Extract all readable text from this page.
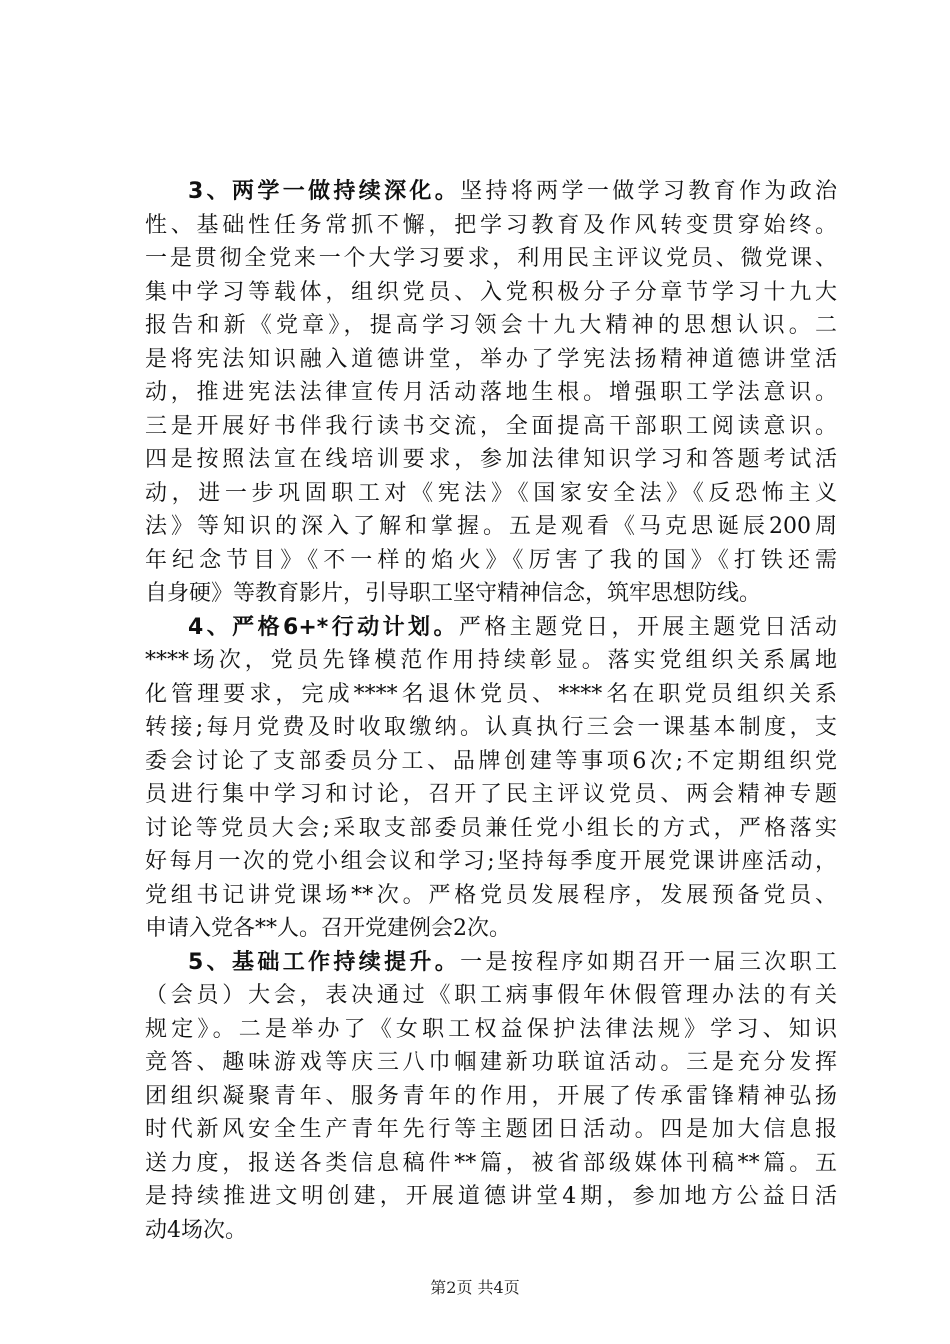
3、两学一做持续深化。坚持将两学一做学习教育作为政治
性、基础性任务常抓不懈，把学习教育及作风转变贯穿始终。
一是贯彻全党来一个大学习要求，利用民主评议党员、微党课、
集中学习等载体，组织党员、入党积极分子分章节学习十九大
报告和新《党章》，提高学习领会十九大精神的思想认识。二
是将宪法知识融入道德讲堂，举办了学宪法扬精神道德讲堂活
动，推进宪法法律宣传月活动落地生根。增强职工学法意识。
三是开展好书伴我行读书交流，全面提高干部职工阅读意识。
四是按照法宣在线培训要求，参加法律知识学习和答题考试活
动，进一步巩固职工对《宪法》《国家安全法》《反恐怖主义
法》等知识的深入了解和掌握。五是观看《马克思诞辰200周
年纪念节目》《不一样的焰火》《厉害了我的国》《打铁还需
自身硬》等教育影片，引导职工坚守精神信念，筑牢思想防线。
4、严格6+*行动计划。严格主题党日，开展主题党日活动
****场次，党员先锋模范作用持续彰显。落实党组织关系属地
化管理要求，完成****名退休党员、****名在职党员组织关系
转接;每月党费及时收取缴纳。认真执行三会一课基本制度，支
委会讨论了支部委员分工、品牌创建等事项6次;不定期组织党
员进行集中学习和讨论，召开了民主评议党员、两会精神专题
讨论等党员大会;采取支部委员兼任党小组长的方式，严格落实
好每月一次的党小组会议和学习;坚持每季度开展党课讲座活动，
党组书记讲党课场**次。严格党员发展程序，发展预备党员、
申请入党各**人。召开党建例会2次。
5、基础工作持续提升。一是按程序如期召开一届三次职工
（会员）大会，表决通过《职工病事假年休假管理办法的有关
规定》。二是举办了《女职工权益保护法律法规》学习、知识
竞答、趣味游戏等庆三八巾帼建新功联谊活动。三是充分发挥
团组织凝聚青年、服务青年的作用，开展了传承雷锋精神弘扬
时代新风安全生产青年先行等主题团日活动。四是加大信息报
送力度，报送各类信息稿件**篇，被省部级媒体刊稿**篇。五
是持续推进文明创建，开展道德讲堂4期，参加地方公益日活
动4场次。
第2页 共4页
